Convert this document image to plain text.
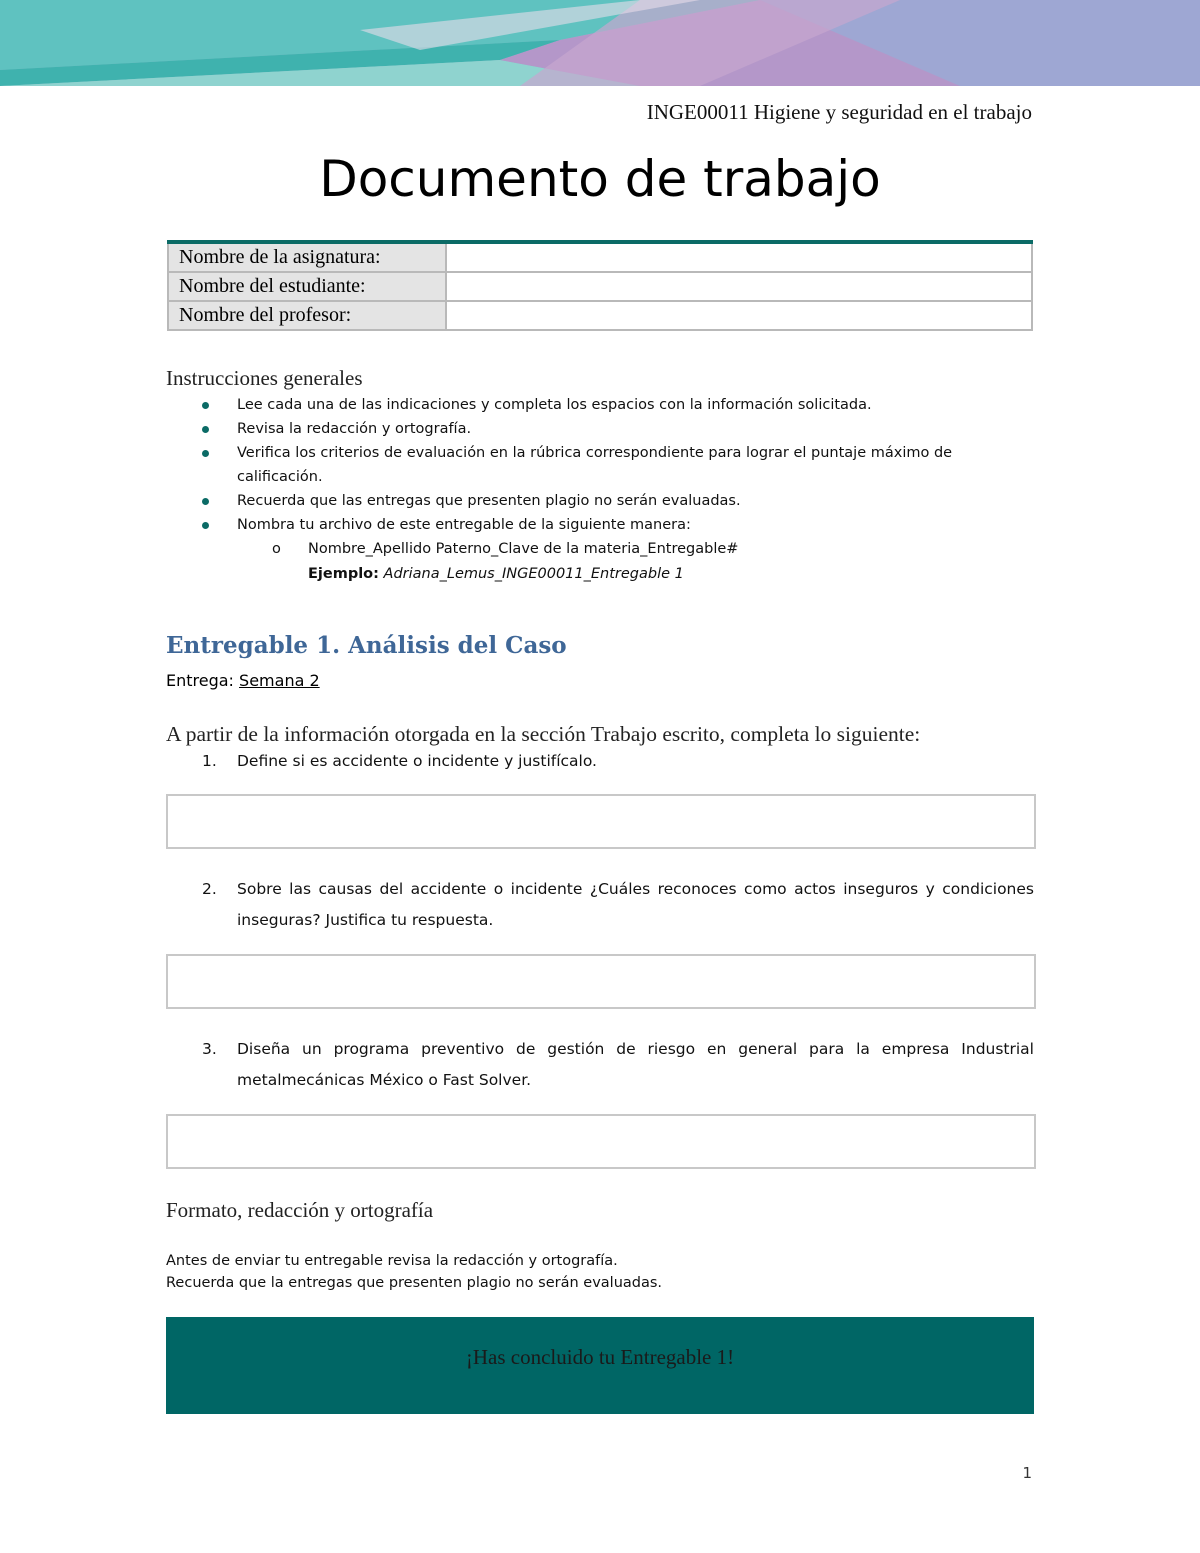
INGE00011 Higiene y seguridad en el trabajo
Documento de trabajo
Nombre de la asignatura:	
Nombre del estudiante:	
Nombre del profesor:	
Instrucciones generales
Lee cada una de las indicaciones y completa los espacios con la información solicitada.
Revisa la redacción y ortografía.
Verifica los criterios de evaluación en la rúbrica correspondiente para lograr el puntaje máximo de calificación.
Recuerda que las entregas que presenten plagio no serán evaluadas.
Nombra tu archivo de este entregable de la siguiente manera:
o Nombre_Apellido Paterno_Clave de la materia_Entregable#
Ejemplo: Adriana_Lemus_INGE00011_Entregable 1
Entregable 1. Análisis del Caso
Entrega: Semana 2
A partir de la información otorgada en la sección Trabajo escrito, completa lo siguiente:
1. Define si es accidente o incidente y justifícalo.
2. Sobre las causas del accidente o incidente ¿Cuáles reconoces como actos inseguros y condiciones inseguras? Justifica tu respuesta.
3. Diseña un programa preventivo de gestión de riesgo en general para la empresa Industrial metalmecánicas México o Fast Solver.
Formato, redacción y ortografía
Antes de enviar tu entregable revisa la redacción y ortografía.
Recuerda que la entregas que presenten plagio no serán evaluadas.
¡Has concluido tu Entregable 1!
1
